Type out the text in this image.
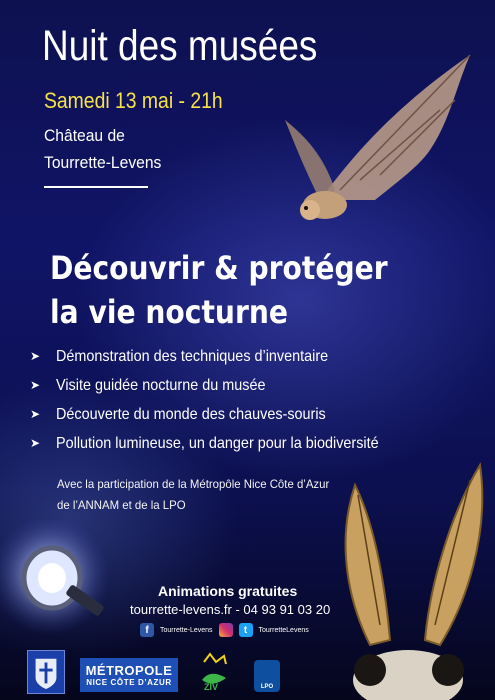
Nuit des musées
Samedi 13 mai - 21h
Château de
Tourrette-Levens
Découvrir & protéger
la vie nocturne
➤ Démonstration des techniques d’inventaire
➤ Visite guidée nocturne du musée
➤ Découverte du monde des chauves-souris
➤ Pollution lumineuse, un danger pour la biodiversité
Avec la participation de la Métropôle Nice Côte d’Azur
de l’ANNAM et de la LPO
Animations gratuites
tourrette-levens.fr - 04 93 91 03 20
f	Tourrette-Levens	t	TourretteLevens
MÉTROPOLE
NICE CÔTE D’AZUR	ZIV	LPO
